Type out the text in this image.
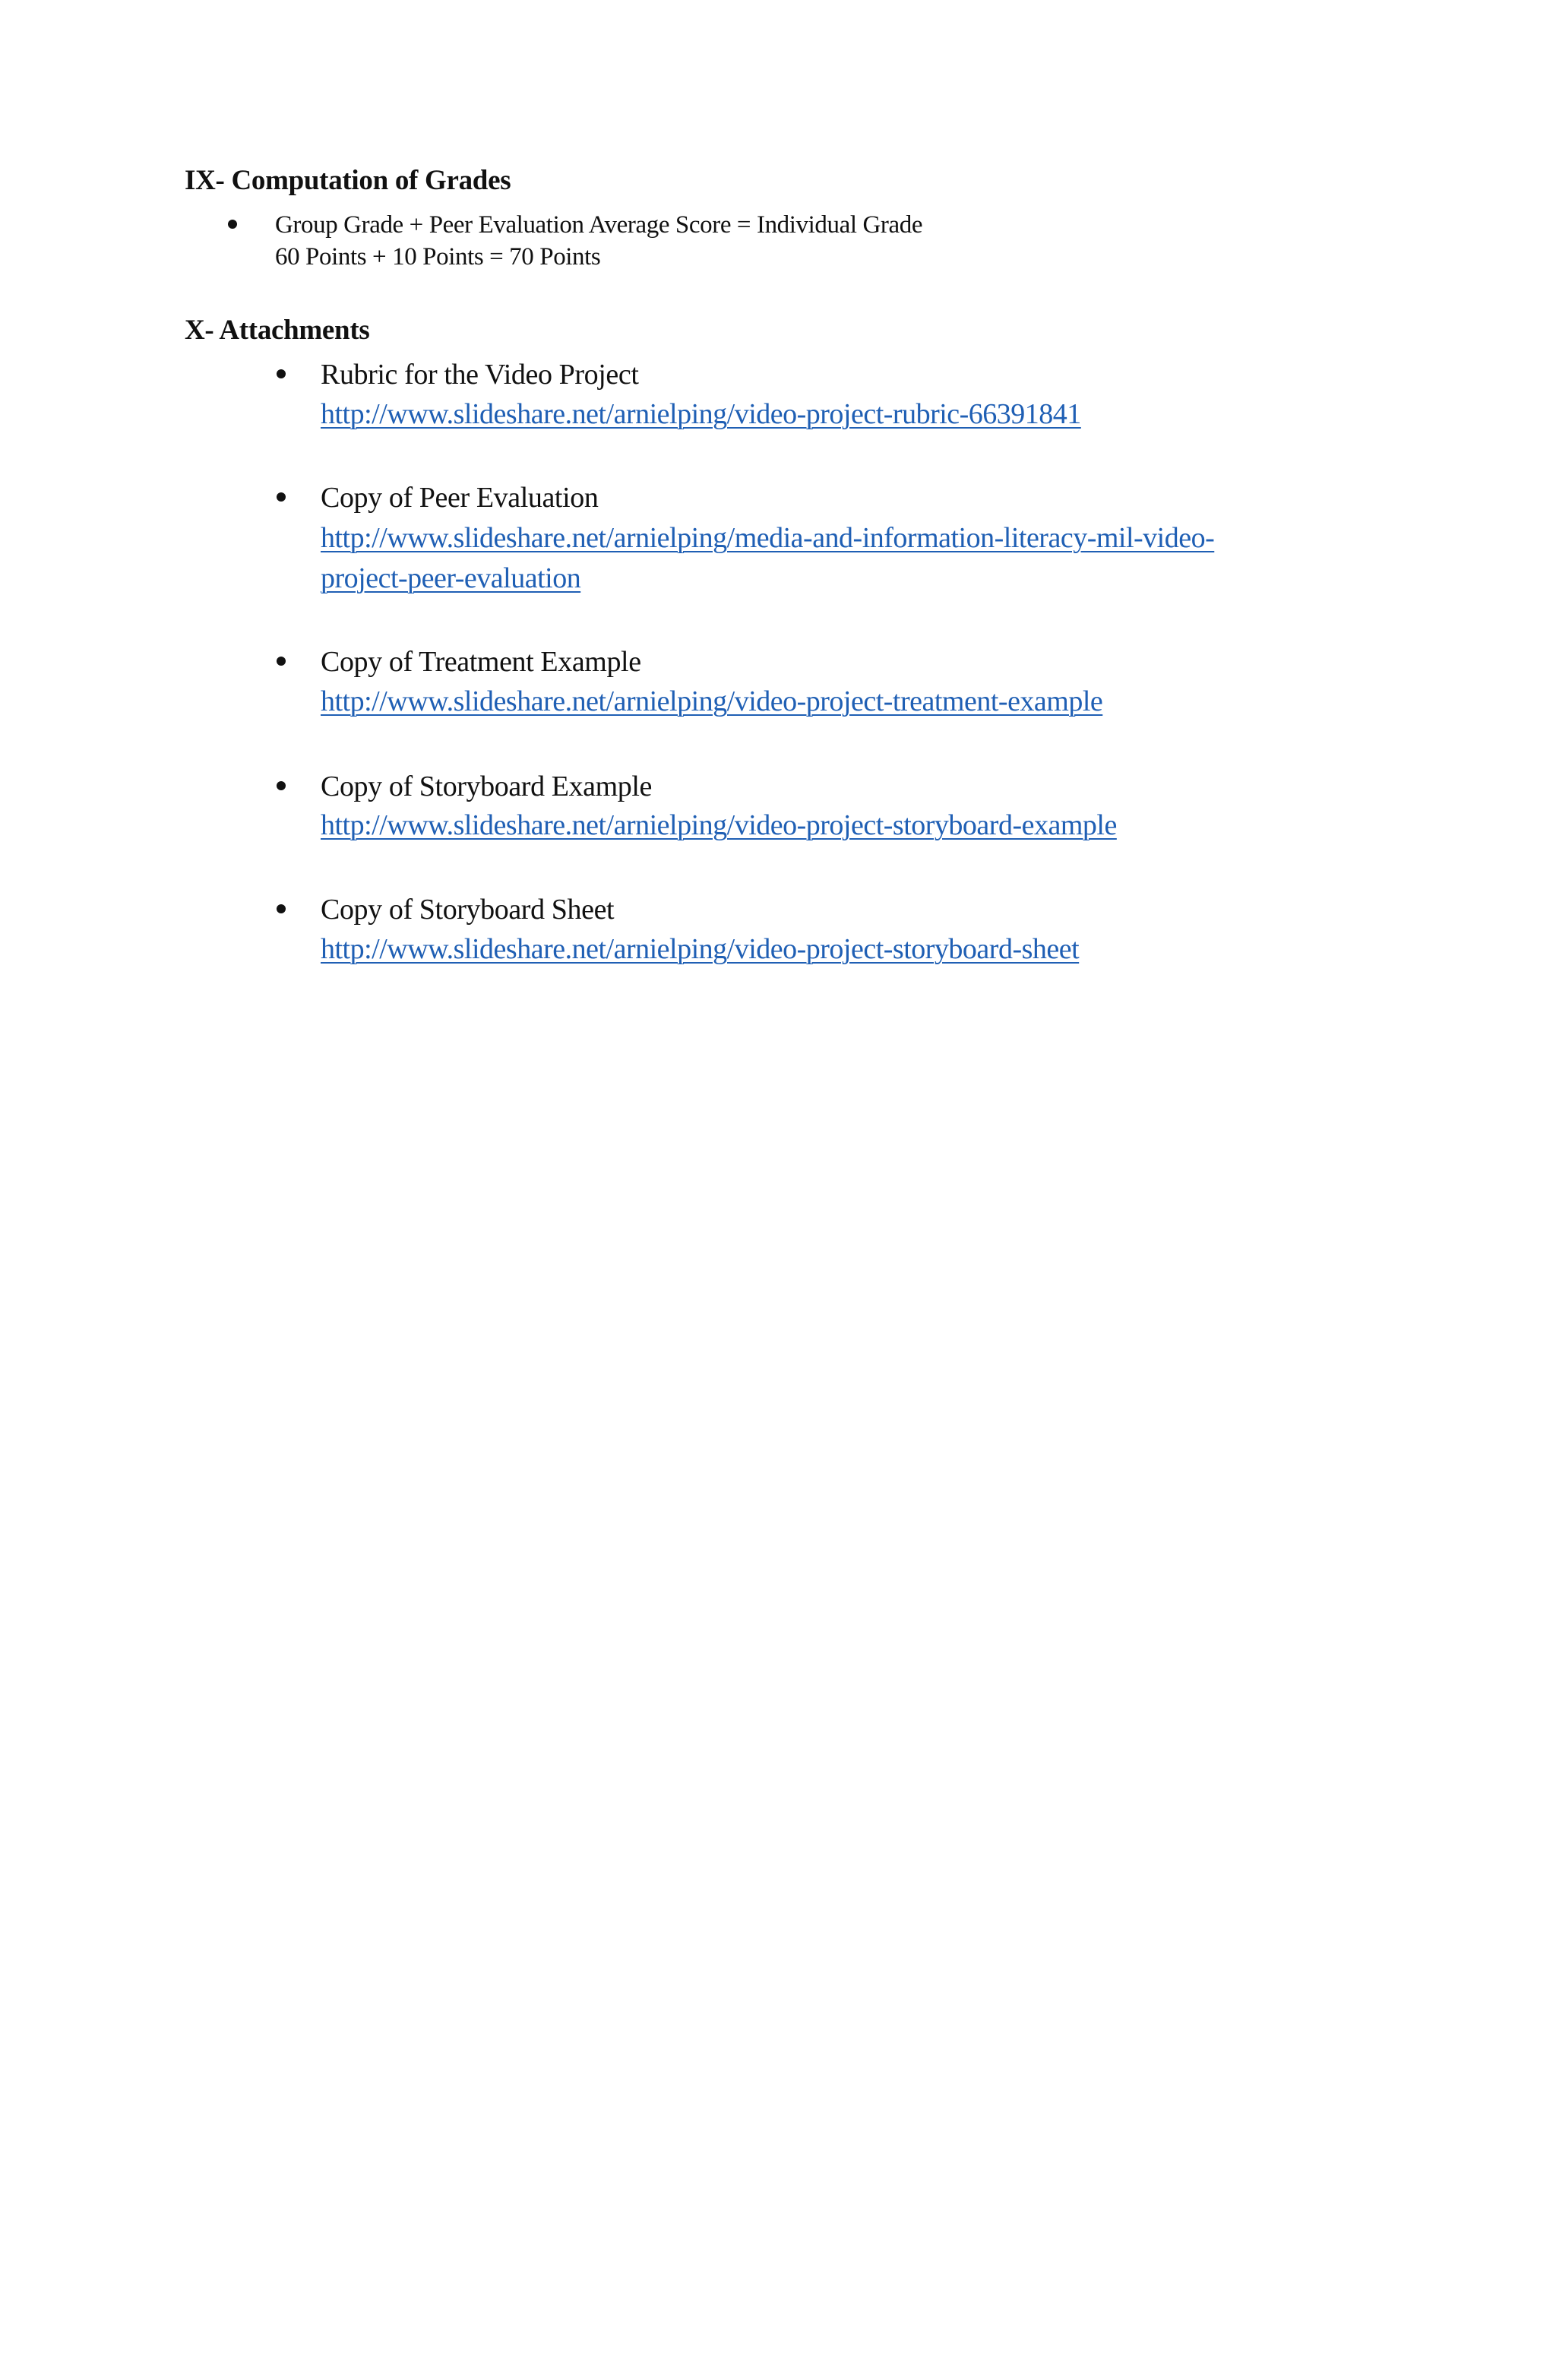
IX- Computation of Grades

Group Grade + Peer Evaluation Average Score = Individual Grade

60 Points + 10 Points = 70 Points

X- Attachments

Rubric for the Video Project

http://www.slideshare.net/arnielping/video-project-rubric-66391841

Copy of Peer Evaluation

http://www.slideshare.net/arnielping/media-and-information-literacy-mil-video-
project-peer-evaluation

Copy of Treatment Example

http://www.slideshare.net/arnielping/video-project-treatment-example

Copy of Storyboard Example

http://www.slideshare.net/arnielping/video-project-storyboard-example

Copy of Storyboard Sheet

http://www.slideshare.net/arnielping/video-project-storyboard-sheet
